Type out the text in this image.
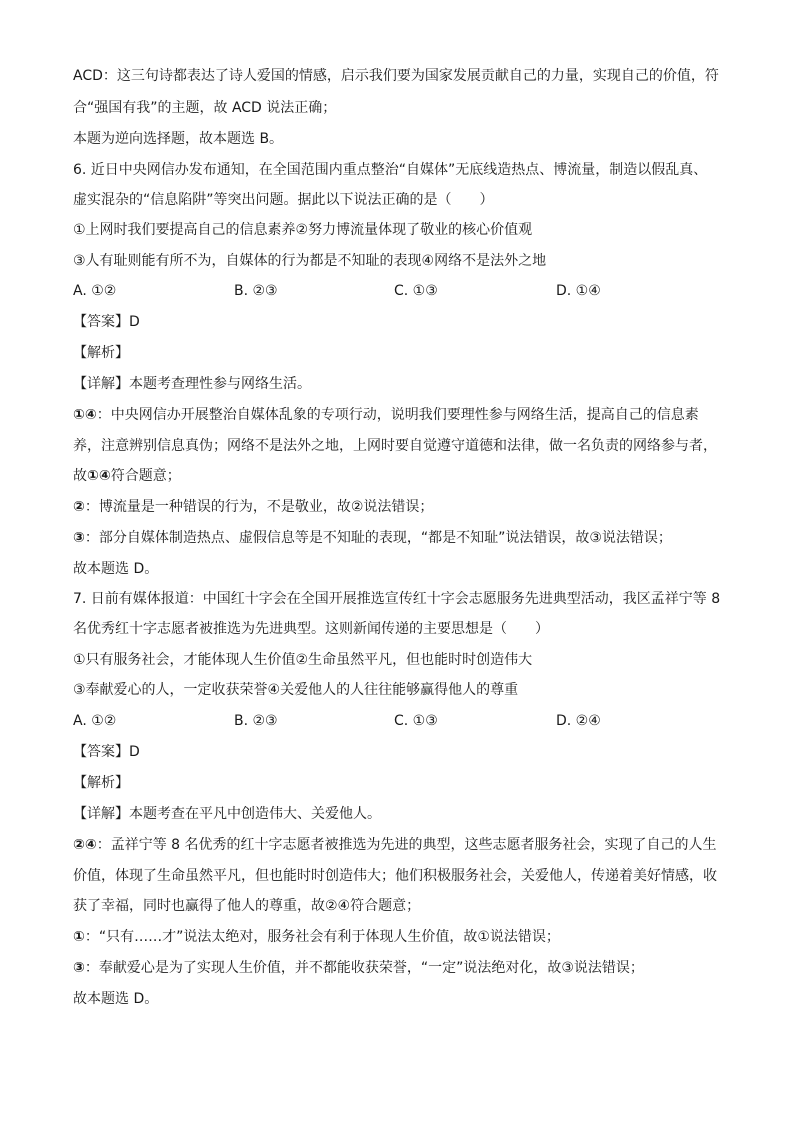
ACD：这三句诗都表达了诗人爱国的情感，启示我们要为国家发展贡献自己的力量，实现自己的价值，符

合“强国有我”的主题，故 ACD 说法正确；

本题为逆向选择题，故本题选 B。

6. 近日中央网信办发布通知，在全国范围内重点整治“自媒体”无底线造热点、博流量，制造以假乱真、

虚实混杂的“信息陷阱”等突出问题。据此以下说法正确的是（　　）

①上网时我们要提高自己的信息素养②努力博流量体现了敬业的核心价值观

③人有耻则能有所不为，自媒体的行为都是不知耻的表现④网络不是法外之地

A. ①②	B. ②③	C. ①③	D. ①④

【答案】D

【解析】

【详解】本题考查理性参与网络生活。

①④：中央网信办开展整治自媒体乱象的专项行动，说明我们要理性参与网络生活，提高自己的信息素

养，注意辨别信息真伪；网络不是法外之地，上网时要自觉遵守道德和法律，做一名负责的网络参与者，

故①④符合题意；

②：博流量是一种错误的行为，不是敬业，故②说法错误；

③：部分自媒体制造热点、虚假信息等是不知耻的表现，“都是不知耻”说法错误，故③说法错误；

故本题选 D。

7. 日前有媒体报道：中国红十字会在全国开展推选宣传红十字会志愿服务先进典型活动，我区孟祥宁等 8

名优秀红十字志愿者被推选为先进典型。这则新闻传递的主要思想是（　　）

①只有服务社会，才能体现人生价值②生命虽然平凡，但也能时时创造伟大

③奉献爱心的人，一定收获荣誉④关爱他人的人往往能够赢得他人的尊重

A. ①②	B. ②③	C. ①③	D. ②④

【答案】D

【解析】

【详解】本题考查在平凡中创造伟大、关爱他人。

②④：孟祥宁等 8 名优秀的红十字志愿者被推选为先进的典型，这些志愿者服务社会，实现了自己的人生

价值，体现了生命虽然平凡，但也能时时创造伟大；他们积极服务社会，关爱他人，传递着美好情感，收

获了幸福，同时也赢得了他人的尊重，故②④符合题意；

①：“只有……才”说法太绝对，服务社会有利于体现人生价值，故①说法错误；

③：奉献爱心是为了实现人生价值，并不都能收获荣誉，“一定”说法绝对化，故③说法错误；

故本题选 D。
